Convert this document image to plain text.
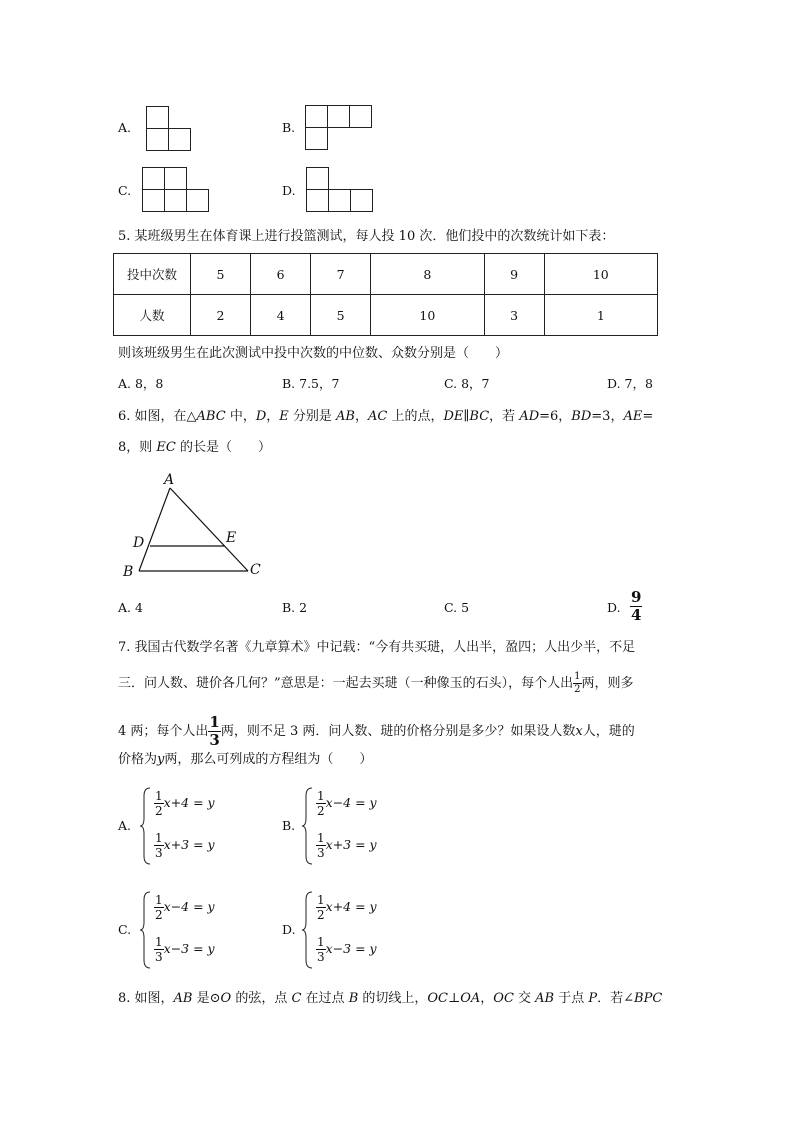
A.	B.
C.	D.
5. 某班级男生在体育课上进行投篮测试，每人投 10 次．他们投中的次数统计如下表：
投中次数	5	6	7	8	9	10
人数	2	4	5	10	3	1
则该班级男生在此次测试中投中次数的中位数、众数分别是（　　）
A. 8，8	B. 7.5，7	C. 8，7	D. 7，8
6. 如图，在△ABC 中，D，E 分别是 AB，AC 上的点，DE∥BC，若 AD=6，BD=3，AE=
8，则 EC 的长是（　　）
A
D	E
B	C
A. 4	B. 2	C. 5	D. $\frac{9}{4}$
7. 我国古代数学名著《九章算术》中记载：“今有共买琎，人出半，盈四；人出少半，不足
三．问人数、琎价各几何？”意思是：一起去买琎（一种像玉的石头），每个人出 $\frac{1}{2}$ 两，则多
4 两；每个人出 $\frac{1}{3}$ 两，则不足 3 两．问人数、琎的价格分别是多少？如果设人数x人，琎的
价格为y两，那么可列成的方程组为（　　）
A.
$\frac{1}{2} x+4 = y$
$\frac{1}{3} x+3 = y$
B.
$\frac{1}{2} x-4 = y$
$\frac{1}{3} x+3 = y$
C.
$\frac{1}{2} x-4 = y$
$\frac{1}{3} x-3 = y$
D.
$\frac{1}{2} x+4 = y$
$\frac{1}{3} x-3 = y$
8. 如图，AB 是⊙O 的弦，点 C 在过点 B 的切线上，OC⊥OA，OC 交 AB 于点 P．若∠BPC
